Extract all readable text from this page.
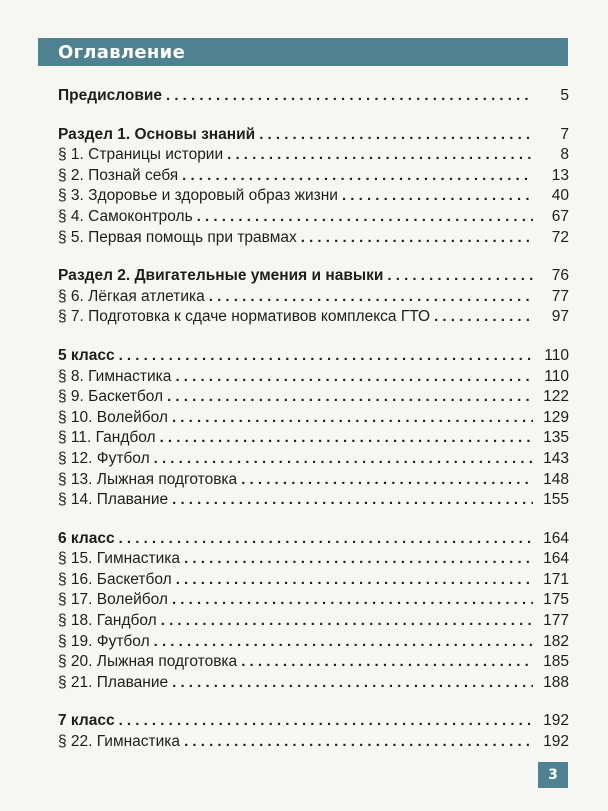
Оглавление
Предисловие . . .	5
Раздел 1. Основы знаний . . .	7
§ 1. Страницы истории . . .	8
§ 2. Познай себя . . .	13
§ 3. Здоровье и здоровый образ жизни . . .	40
§ 4. Самоконтроль . . .	67
§ 5. Первая помощь при травмах . . .	72
Раздел 2. Двигательные умения и навыки . . .	76
§ 6. Лёгкая атлетика . . .	77
§ 7. Подготовка к сдаче нормативов комплекса ГТО . . .	97
5 класс . . .	110
§ 8. Гимнастика . . .	110
§ 9. Баскетбол . . .	122
§ 10. Волейбол . . .	129
§ 11. Гандбол . . .	135
§ 12. Футбол . . .	143
§ 13. Лыжная подготовка . . .	148
§ 14. Плавание . . .	155
6 класс . . .	164
§ 15. Гимнастика . . .	164
§ 16. Баскетбол . . .	171
§ 17. Волейбол . . .	175
§ 18. Гандбол . . .	177
§ 19. Футбол . . .	182
§ 20. Лыжная подготовка . . .	185
§ 21. Плавание . . .	188
7 класс . . .	192
§ 22. Гимнастика . . .	192
3
